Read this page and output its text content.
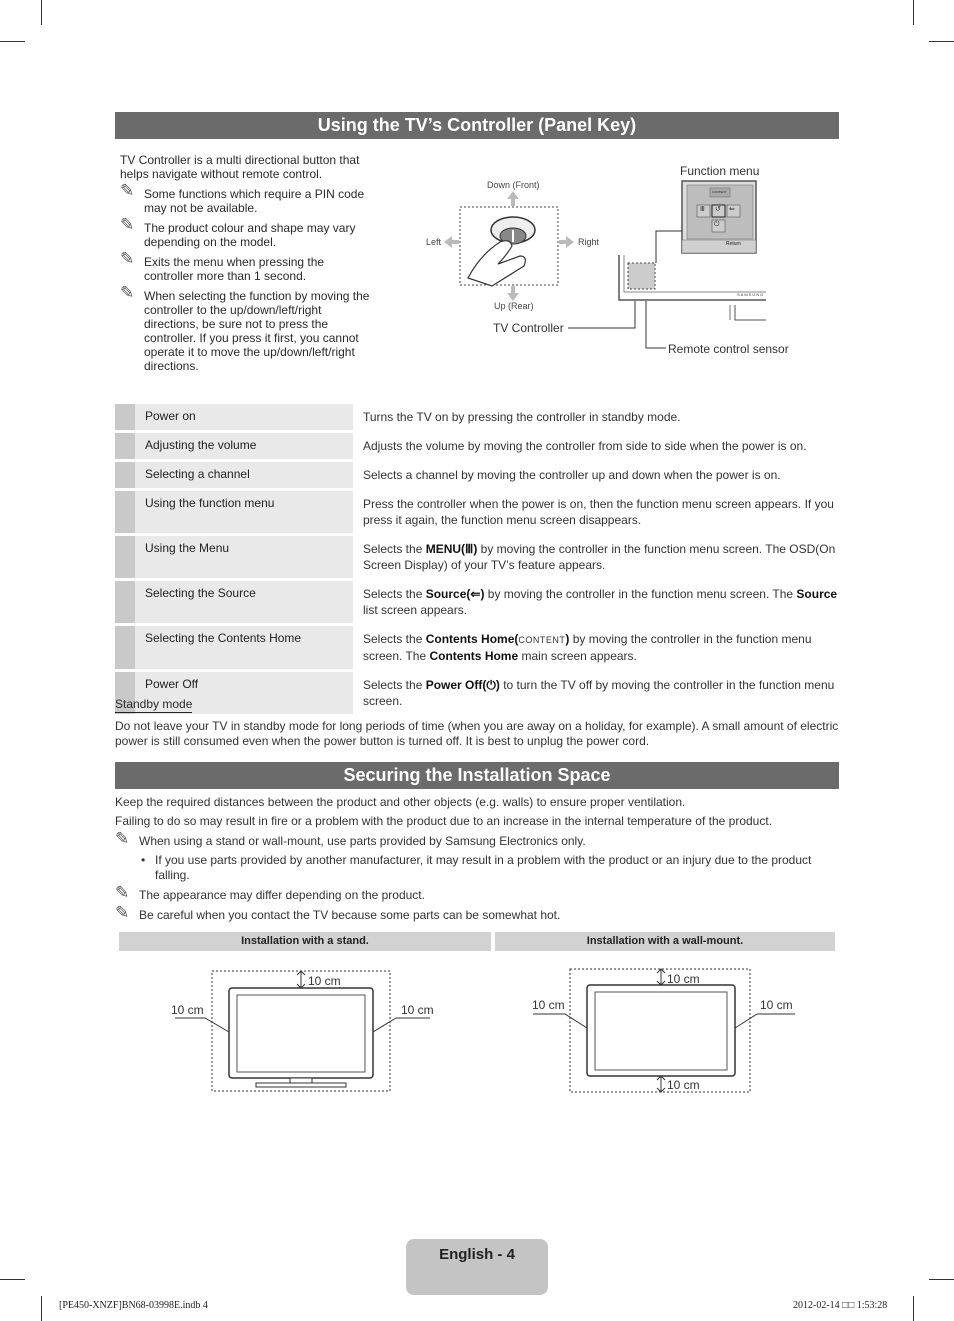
Using the TV’s Controller (Panel Key)

TV Controller is a multi directional button that helps navigate without remote control.

✎ Some functions which require a PIN code may not be available.
✎ The product colour and shape may vary depending on the model.
✎ Exits the menu when pressing the controller more than 1 second.
✎ When selecting the function by moving the controller to the up/down/left/right directions, be sure not to press the controller. If you press it first, you cannot operate it to move the up/down/left/right directions.
Down (Front)
Left	Right
Up (Rear)
CONTENT
Return
SAMSUNG
Ⅲ ↺ ⇐
⏻
Function menu
TV Controller
Remote control sensor
	Power on		Turns the TV on by pressing the controller in standby mode.
	Adjusting the volume		Adjusts the volume by moving the controller from side to side when the power is on.
	Selecting a channel		Selects a channel by moving the controller up and down when the power is on.
	Using the function menu		Press the controller when the power is on, then the function menu screen appears. If you press it again, the function menu screen disappears.
	Using the Menu		Selects the MENU(Ⅲ) by moving the controller in the function menu screen. The OSD(On Screen Display) of your TV’s feature appears.
	Selecting the Source		Selects the Source(⇐) by moving the controller in the function menu screen. The Source list screen appears.
	Selecting the Contents Home		Selects the Contents Home(CONTENT) by moving the controller in the function menu screen. The Contents Home main screen appears.
	Power Off		Selects the Power Off(⏻) to turn the TV off by moving the controller in the function menu screen.
Standby mode
Do not leave your TV in standby mode for long periods of time (when you are away on a holiday, for example). A small amount of electric power is still consumed even when the power button is turned off. It is best to unplug the power cord.
Securing the Installation Space

Keep the required distances between the product and other objects (e.g. walls) to ensure proper ventilation.

Failing to do so may result in fire or a problem with the product due to an increase in the internal temperature of the product.

✎ When using a stand or wall-mount, use parts provided by Samsung Electronics only.
• If you use parts provided by another manufacturer, it may result in a problem with the product or an injury due to the product falling.
✎ The appearance may differ depending on the product.
✎ Be careful when you contact the TV because some parts can be somewhat hot.
Installation with a stand.	Installation with a wall-mount.
10 cm
10 cm	10 cm
10 cm
10 cm	10 cm
10 cm
English - 4
[PE450-XNZF]BN68-03998E.indb 4	2012-02-14 □□ 1:53:28
